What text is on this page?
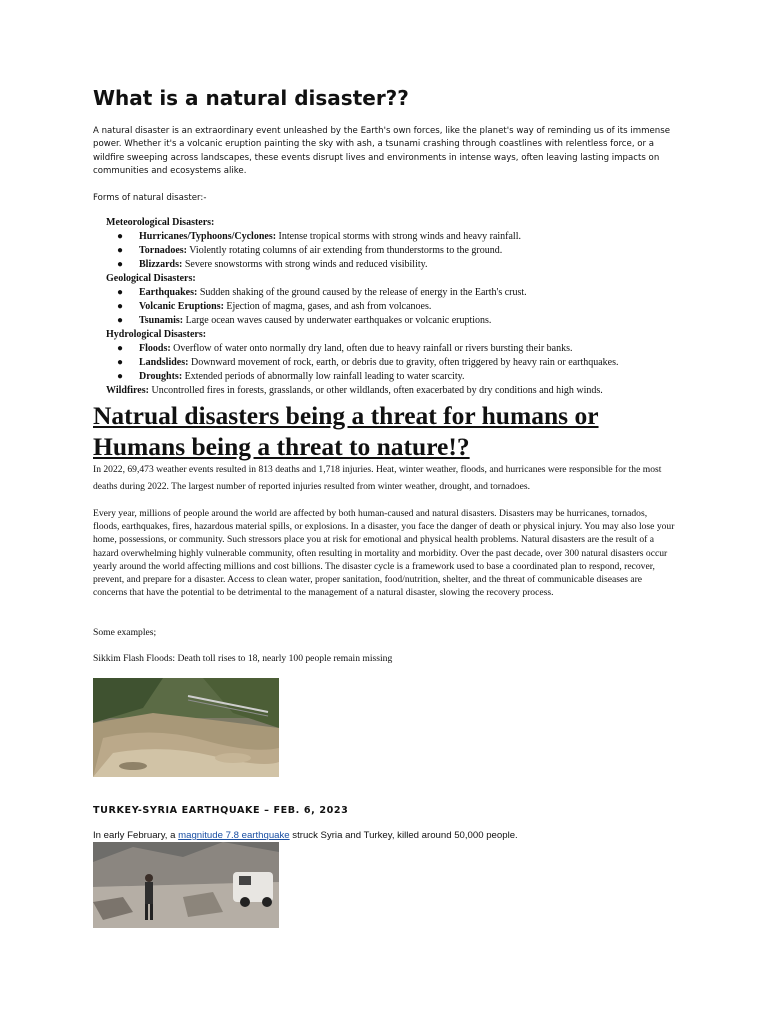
What is a natural disaster??

A natural disaster is an extraordinary event unleashed by the Earth's own forces, like the planet's way of reminding us of its immense power. Whether it's a volcanic eruption painting the sky with ash, a tsunami crashing through coastlines with relentless force, or a wildfire sweeping across landscapes, these events disrupt lives and environments in intense ways, often leaving lasting impacts on communities and ecosystems alike.

Forms of natural disaster:-

Meteorological Disasters:

● Hurricanes/Typhoons/Cyclones: Intense tropical storms with strong winds and heavy rainfall.
● Tornadoes: Violently rotating columns of air extending from thunderstorms to the ground.
● Blizzards: Severe snowstorms with strong winds and reduced visibility.

Geological Disasters:

● Earthquakes: Sudden shaking of the ground caused by the release of energy in the Earth's crust.
● Volcanic Eruptions: Ejection of magma, gases, and ash from volcanoes.
● Tsunamis: Large ocean waves caused by underwater earthquakes or volcanic eruptions.

Hydrological Disasters:

● Floods: Overflow of water onto normally dry land, often due to heavy rainfall or rivers bursting their banks.
● Landslides: Downward movement of rock, earth, or debris due to gravity, often triggered by heavy rain or earthquakes.
● Droughts: Extended periods of abnormally low rainfall leading to water scarcity.

Wildfires: Uncontrolled fires in forests, grasslands, or other wildlands, often exacerbated by dry conditions and high winds.

Natrual disasters being a threat for humans or Humans being a threat to nature!?

In 2022, 69,473 weather events resulted in 813 deaths and 1,718 injuries. Heat, winter weather, floods, and hurricanes were responsible for the most deaths during 2022. The largest number of reported injuries resulted from winter weather, drought, and tornadoes.

Every year, millions of people around the world are affected by both human-caused and natural disasters. Disasters may be hurricanes, tornados, floods, earthquakes, fires, hazardous material spills, or explosions. In a disaster, you face the danger of death or physical injury. You may also lose your home, possessions, or community. Such stressors place you at risk for emotional and physical health problems. Natural disasters are the result of a hazard overwhelming highly vulnerable community, often resulting in mortality and morbidity. Over the past decade, over 300 natural disasters occur yearly around the world affecting millions and cost billions. The disaster cycle is a framework used to base a coordinated plan to respond, recover, prevent, and prepare for a disaster. Access to clean water, proper sanitation, food/nutrition, shelter, and the threat of communicable diseases are concerns that have the potential to be detrimental to the management of a natural disaster, slowing the recovery process.

Some examples;

Sikkim Flash Floods: Death toll rises to 18, nearly 100 people remain missing

TURKEY-SYRIA EARTHQUAKE – FEB. 6, 2023

In early February, a magnitude 7.8 earthquake struck Syria and Turkey, killed around 50,000 people.
